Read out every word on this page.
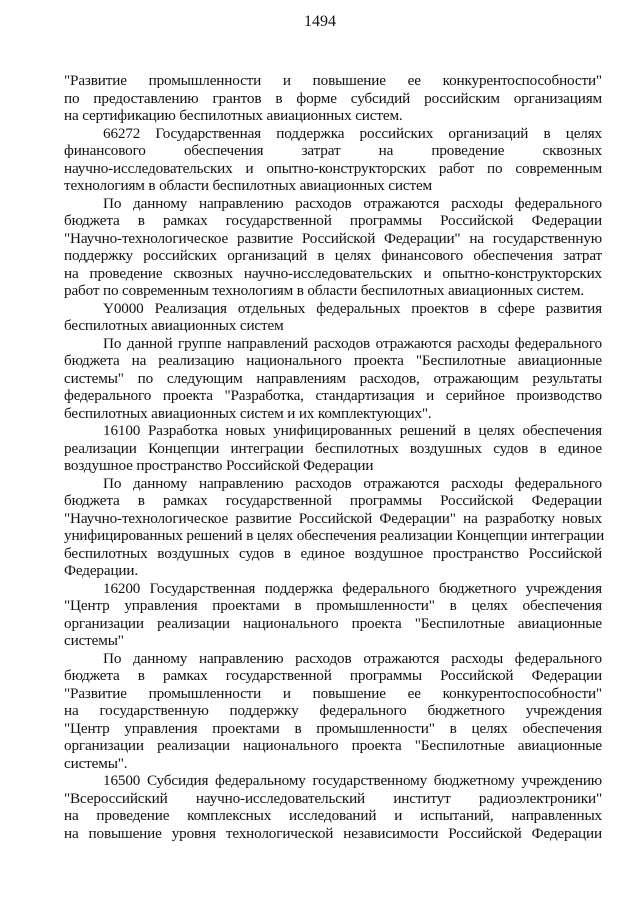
1494
"Развитие промышленности и повышение ее конкурентоспособности"
по предоставлению грантов в форме субсидий российским организациям
на сертификацию беспилотных авиационных систем.
66272 Государственная поддержка российских организаций в целях
финансового обеспечения затрат на проведение сквозных
научно-исследовательских и опытно-конструкторских работ по современным
технологиям в области беспилотных авиационных систем
По данному направлению расходов отражаются расходы федерального
бюджета в рамках государственной программы Российской Федерации
"Научно-технологическое развитие Российской Федерации" на государственную
поддержку российских организаций в целях финансового обеспечения затрат
на проведение сквозных научно-исследовательских и опытно-конструкторских
работ по современным технологиям в области беспилотных авиационных систем.
Y0000 Реализация отдельных федеральных проектов в сфере развития
беспилотных авиационных систем
По данной группе направлений расходов отражаются расходы федерального
бюджета на реализацию национального проекта "Беспилотные авиационные
системы" по следующим направлениям расходов, отражающим результаты
федерального проекта "Разработка, стандартизация и серийное производство
беспилотных авиационных систем и их комплектующих".
16100 Разработка новых унифицированных решений в целях обеспечения
реализации Концепции интеграции беспилотных воздушных судов в единое
воздушное пространство Российской Федерации
По данному направлению расходов отражаются расходы федерального
бюджета в рамках государственной программы Российской Федерации
"Научно-технологическое развитие Российской Федерации" на разработку новых
унифицированных решений в целях обеспечения реализации Концепции интеграции
беспилотных воздушных судов в единое воздушное пространство Российской
Федерации.
16200 Государственная поддержка федерального бюджетного учреждения
"Центр управления проектами в промышленности" в целях обеспечения
организации реализации национального проекта "Беспилотные авиационные
системы"
По данному направлению расходов отражаются расходы федерального
бюджета в рамках государственной программы Российской Федерации
"Развитие промышленности и повышение ее конкурентоспособности"
на государственную поддержку федерального бюджетного учреждения
"Центр управления проектами в промышленности" в целях обеспечения
организации реализации национального проекта "Беспилотные авиационные
системы".
16500 Субсидия федеральному государственному бюджетному учреждению
"Всероссийский научно-исследовательский институт радиоэлектроники"
на проведение комплексных исследований и испытаний, направленных
на повышение уровня технологической независимости Российской Федерации
